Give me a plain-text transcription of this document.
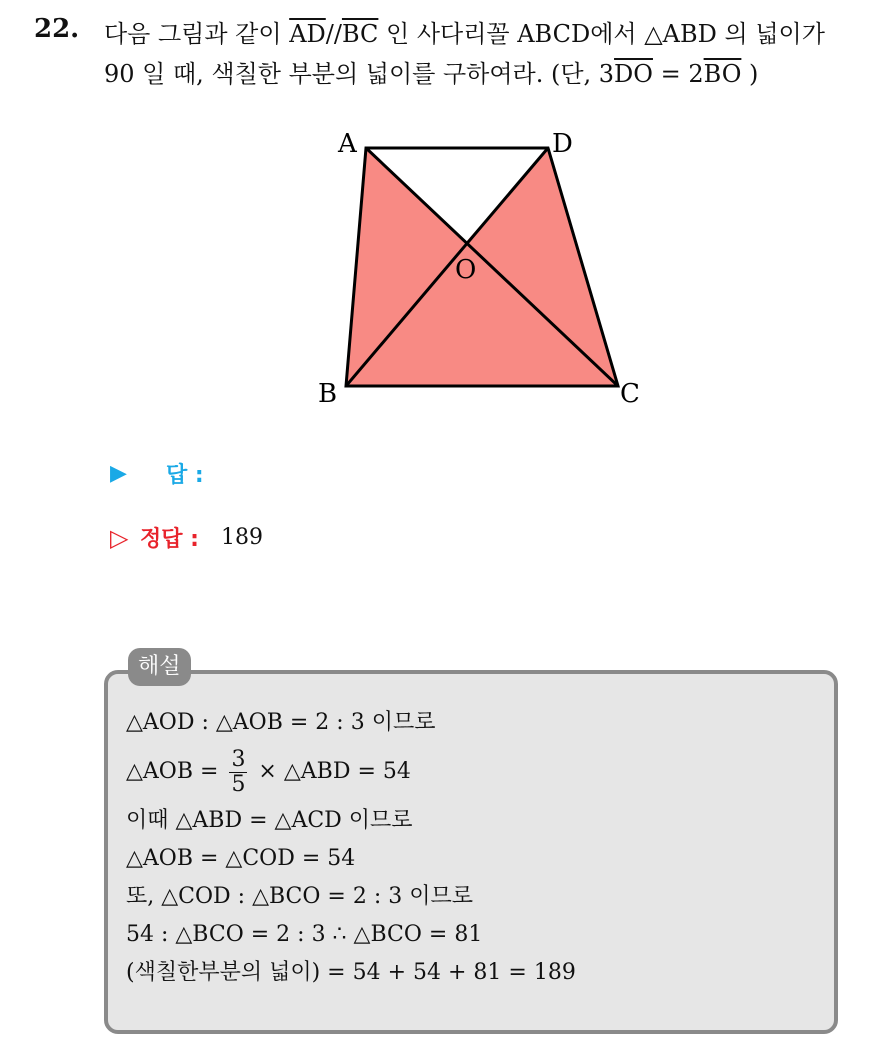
22. 다음 그림과 같이 $\overline{AD}//\overline{BC}$ 인 사다리꼴 ABCD에서 △ABD 의 넓이가
90 일 때, 색칠한 부분의 넓이를 구하여라. (단, $3\overline{DO} = 2\overline{BO}$ )
A	D
O
B	C
▶	답 :
▷ 정답 : 189
해설
△AOD : △AOB = 2 : 3 이므로
△AOB = $\frac{3}{5}$ × △ABD = 54
이때 △ABD = △ACD 이므로
△AOB = △COD = 54
또, △COD : △BCO = 2 : 3 이므로
54 : △BCO = 2 : 3 ∴ △BCO = 81
(색칠한부분의 넓이) = 54 + 54 + 81 = 189
